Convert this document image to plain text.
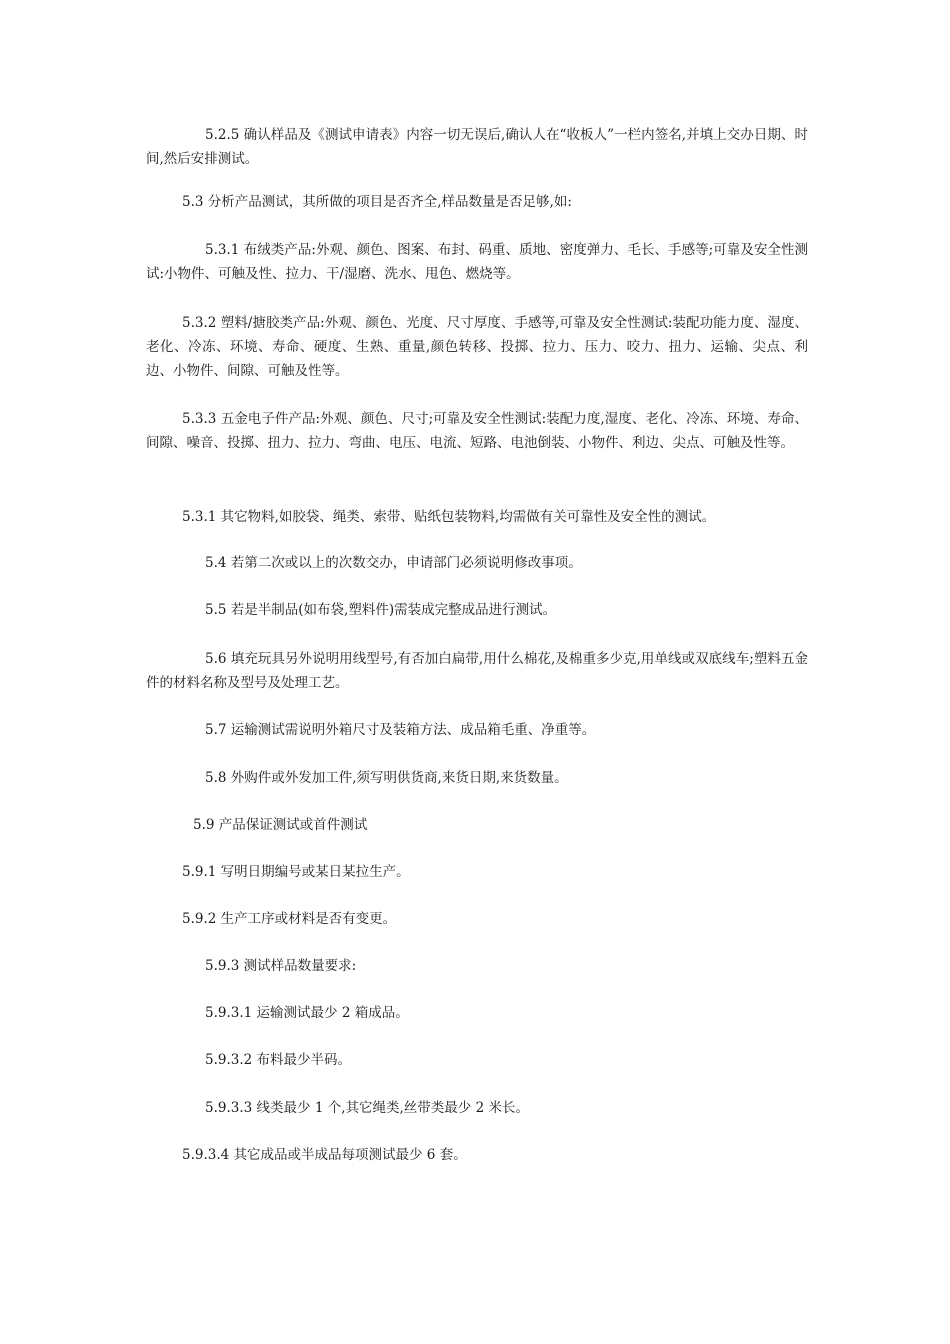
5.2.5 确认样品及《测试申请表》内容一切无误后,确认人在“收板人”一栏内签名,并填上交办日期、时间,然后安排测试。

5.3 分析产品测试，其所做的项目是否齐全,样品数量是否足够,如:

5.3.1 布绒类产品:外观、颜色、图案、布封、码重、质地、密度弹力、毛长、手感等;可靠及安全性测试:小物件、可触及性、拉力、干/湿磨、洗水、甩色、燃烧等。

5.3.2 塑料/搪胶类产品:外观、颜色、光度、尺寸厚度、手感等,可靠及安全性测试:装配功能力度、湿度、老化、冷冻、环境、寿命、硬度、生熟、重量,颜色转移、投掷、拉力、压力、咬力、扭力、运输、尖点、利边、小物件、间隙、可触及性等。

5.3.3 五金电子件产品:外观、颜色、尺寸;可靠及安全性测试:装配力度,湿度、老化、冷冻、环境、寿命、间隙、噪音、投掷、扭力、拉力、弯曲、电压、电流、短路、电池倒装、小物件、利边、尖点、可触及性等。

5.3.1 其它物料,如胶袋、绳类、索带、贴纸包装物料,均需做有关可靠性及安全性的测试。

5.4 若第二次或以上的次数交办，申请部门必须说明修改事项。

5.5 若是半制品(如布袋,塑料件)需装成完整成品进行测试。

5.6 填充玩具另外说明用线型号,有否加白扁带,用什么棉花,及棉重多少克,用单线或双底线车;塑料五金件的材料名称及型号及处理工艺。

5.7 运输测试需说明外箱尺寸及装箱方法、成品箱毛重、净重等。

5.8 外购件或外发加工件,须写明供货商,来货日期,来货数量。

5.9 产品保证测试或首件测试

5.9.1 写明日期编号或某日某拉生产。

5.9.2 生产工序或材料是否有变更。

5.9.3 测试样品数量要求:

5.9.3.1 运输测试最少 2 箱成品。

5.9.3.2 布料最少半码。

5.9.3.3 线类最少 1 个,其它绳类,丝带类最少 2 米长。

5.9.3.4 其它成品或半成品每项测试最少 6 套。
